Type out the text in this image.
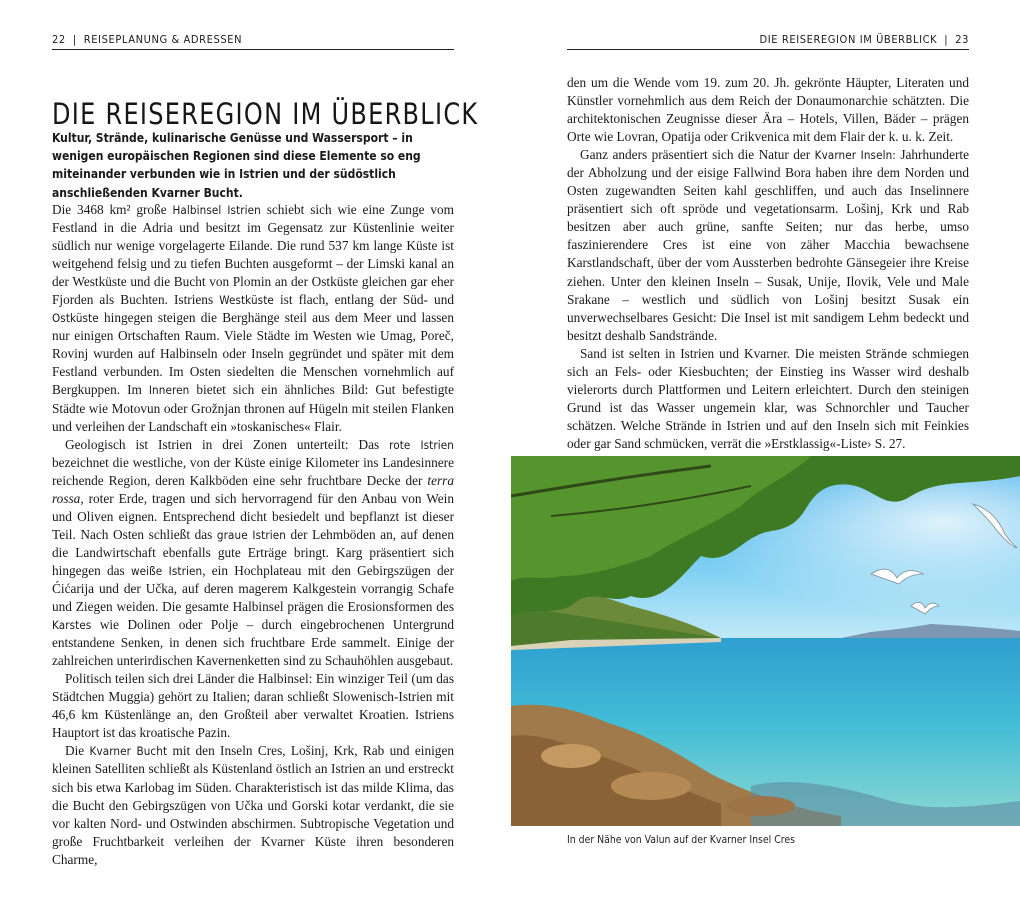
22 | REISEPLANUNG & ADRESSEN	DIE REISEREGION IM ÜBERBLICK | 23
DIE REISEREGION IM ÜBERBLICK
Kultur, Strände, kulinarische Genüsse und Wassersport – in wenigen europäischen Regionen sind diese Elemente so eng miteinander verbunden wie in Istrien und der südöstlich anschließenden Kvarner Bucht.

Die 3468 km² große Halbinsel Istrien schiebt sich wie eine Zunge vom Festland in die Adria und besitzt im Gegensatz zur Küstenlinie weiter südlich nur wenige vorgelagerte Eilande. Die rund 537 km lange Küste ist weitgehend felsig und zu tiefen Buchten ausgeformt – der Limski kanal an der Westküste und die Bucht von Plomin an der Ostküste gleichen gar eher Fjorden als Buchten. Istriens Westküste ist flach, entlang der Süd- und Ostküste hingegen steigen die Berghänge steil aus dem Meer und lassen nur einigen Ortschaften Raum. Viele Städte im Westen wie Umag, Poreč, Rovinj wurden auf Halbinseln oder Inseln gegründet und später mit dem Festland verbunden. Im Osten siedelten die Menschen vornehmlich auf Bergkuppen. Im Inneren bietet sich ein ähnliches Bild: Gut befestigte Städte wie Motovun oder Grožnjan thronen auf Hügeln mit steilen Flanken und verleihen der Landschaft ein »toskanisches« Flair.

Geologisch ist Istrien in drei Zonen unterteilt: Das rote Istrien bezeichnet die westliche, von der Küste einige Kilometer ins Landesinnere reichende Region, deren Kalkböden eine sehr fruchtbare Decke der terra rossa, roter Erde, tragen und sich hervorragend für den Anbau von Wein und Oliven eignen. Entsprechend dicht besiedelt und bepflanzt ist dieser Teil. Nach Osten schließt das graue Istrien der Lehmböden an, auf denen die Landwirtschaft ebenfalls gute Erträge bringt. Karg präsentiert sich hingegen das weiße Istrien, ein Hochplateau mit den Gebirgszügen der Ćićarija und der Učka, auf deren magerem Kalkgestein vorrangig Schafe und Ziegen weiden. Die gesamte Halbinsel prägen die Erosionsformen des Karstes wie Dolinen oder Polje – durch eingebrochenen Untergrund entstandene Senken, in denen sich fruchtbare Erde sammelt. Einige der zahlreichen unterirdischen Kavernenketten sind zu Schauhöhlen ausgebaut.

Politisch teilen sich drei Länder die Halbinsel: Ein winziger Teil (um das Städtchen Muggia) gehört zu Italien; daran schließt Slowenisch-Istrien mit 46,6 km Küstenlänge an, den Großteil aber verwaltet Kroatien. Istriens Hauptort ist das kroatische Pazin.

Die Kvarner Bucht mit den Inseln Cres, Lošinj, Krk, Rab und einigen kleinen Satelliten schließt als Küstenland östlich an Istrien an und erstreckt sich bis etwa Karlobag im Süden. Charakteristisch ist das milde Klima, das die Bucht den Gebirgszügen von Učka und Gorski kotar verdankt, die sie vor kalten Nord- und Ostwinden abschirmen. Subtropische Vegetation und große Fruchtbarkeit verleihen der Kvarner Küste ihren besonderen Charme,

den um die Wende vom 19. zum 20. Jh. gekrönte Häupter, Literaten und Künstler vornehmlich aus dem Reich der Donaumonarchie schätzten. Die architektonischen Zeugnisse dieser Ära – Hotels, Villen, Bäder – prägen Orte wie Lovran, Opatija oder Crikvenica mit dem Flair der k. u. k. Zeit.

Ganz anders präsentiert sich die Natur der Kvarner Inseln: Jahrhunderte der Abholzung und der eisige Fallwind Bora haben ihre dem Norden und Osten zugewandten Seiten kahl geschliffen, und auch das Inselinnere präsentiert sich oft spröde und vegetationsarm. Lošinj, Krk und Rab besitzen aber auch grüne, sanfte Seiten; nur das herbe, umso faszinierendere Cres ist eine von zäher Macchia bewachsene Karstlandschaft, über der vom Aussterben bedrohte Gänsegeier ihre Kreise ziehen. Unter den kleinen Inseln – Susak, Unije, Ilovik, Vele und Male Srakane – westlich und südlich von Lošinj besitzt Susak ein unverwechselbares Gesicht: Die Insel ist mit sandigem Lehm bedeckt und besitzt deshalb Sandstrände.

Sand ist selten in Istrien und Kvarner. Die meisten Strände schmiegen sich an Fels- oder Kiesbuchten; der Einstieg ins Wasser wird deshalb vielerorts durch Plattformen und Leitern erleichtert. Durch den steinigen Grund ist das Wasser ungemein klar, was Schnorchler und Taucher schätzen. Welche Strände in Istrien und auf den Inseln sich mit Feinkies oder gar Sand schmücken, verrät die »Erstklassig«-Liste› S. 27.

In der Nähe von Valun auf der Kvarner Insel Cres
